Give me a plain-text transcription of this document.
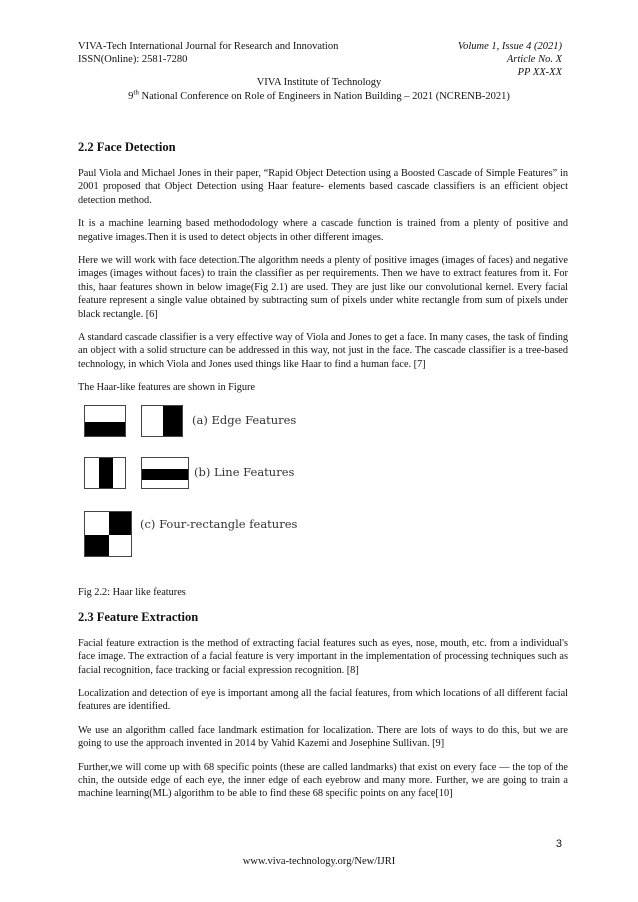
VIVA-Tech International Journal for Research and Innovation
ISSN(Online): 2581-7280
Volume 1, Issue 4 (2021)
Article No. X
PP XX-XX
VIVA Institute of Technology
9th National Conference on Role of Engineers in Nation Building – 2021 (NCRENB-2021)
2.2 Face Detection

Paul Viola and Michael Jones in their paper, “Rapid Object Detection using a Boosted Cascade of Simple Features” in 2001 proposed that Object Detection using Haar feature- elements based cascade classifiers is an efficient object detection method.

It is a machine learning based methododology where a cascade function is trained from a plenty of positive and negative images.Then it is used to detect objects in other different images.

Here we will work with face detection.The algorithm needs a plenty of positive images (images of faces) and negative images (images without faces) to train the classifier as per requirements. Then we have to extract features from it. For this, haar features shown in below image(Fig 2.1) are used. They are just like our convolutional kernel. Every facial feature represent a single value obtained by subtracting sum of pixels under white rectangle from sum of pixels under black rectangle. [6]

A standard cascade classifier is a very effective way of Viola and Jones to get a face. In many cases, the task of finding an object with a solid structure can be addressed in this way, not just in the face. The cascade classifier is a tree-based technology, in which Viola and Jones used things like Haar to find a human face. [7]

The Haar-like features are shown in Figure

(a) Edge Features
(b) Line Features
(c) Four-rectangle features
Fig 2.2: Haar like features
2.3 Feature Extraction

Facial feature extraction is the method of extracting facial features such as eyes, nose, mouth, etc. from a individual's face image. The extraction of a facial feature is very important in the implementation of processing techniques such as facial recognition, face tracking or facial expression recognition. [8]

Localization and detection of eye is important among all the facial features, from which locations of all different facial features are identified.

We use an algorithm called face landmark estimation for localization. There are lots of ways to do this, but we are going to use the approach invented in 2014 by Vahid Kazemi and Josephine Sullivan. [9]

Further,we will come up with 68 specific points (these are called landmarks) that exist on every face — the top of the chin, the outside edge of each eye, the inner edge of each eyebrow and many more. Further, we are going to train a machine learning(ML) algorithm to be able to find these 68 specific points on any face[10]

3
www.viva-technology.org/New/IJRI
